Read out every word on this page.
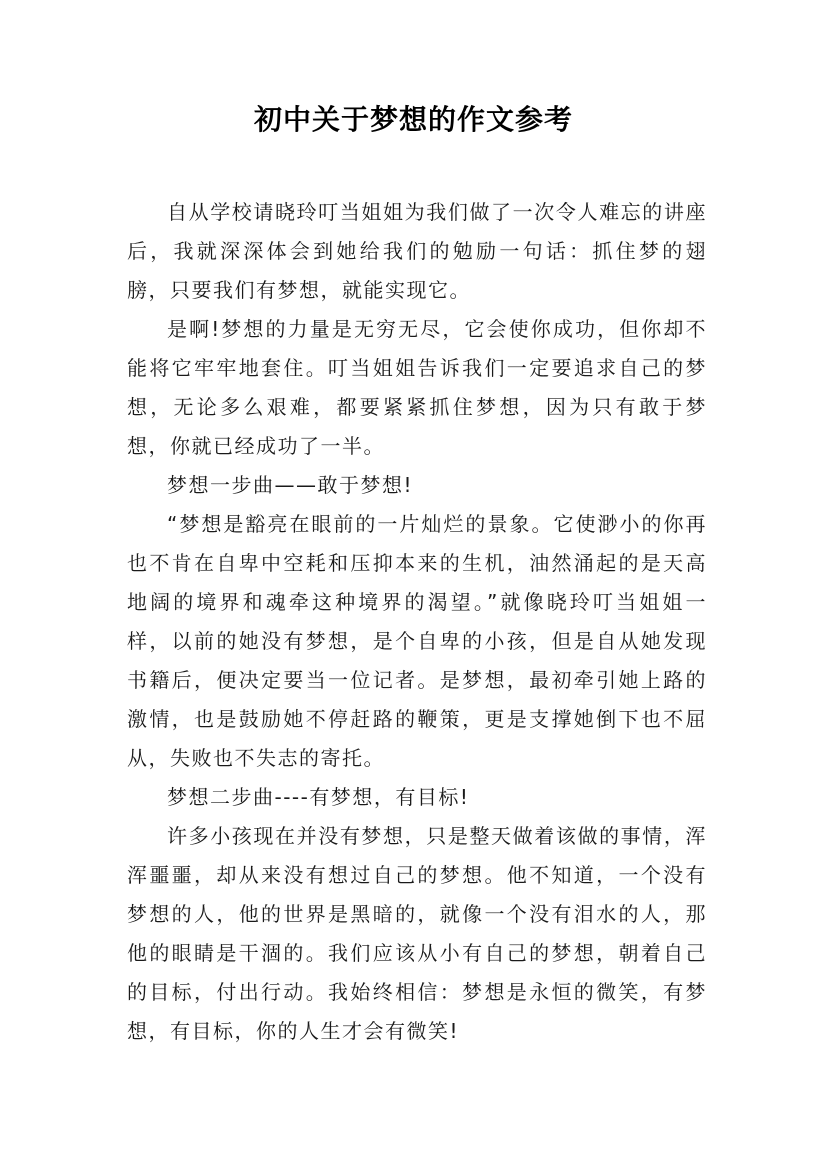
初中关于梦想的作文参考

自从学校请晓玲叮当姐姐为我们做了一次令人难忘的讲座后，我就深深体会到她给我们的勉励一句话：抓住梦的翅膀，只要我们有梦想，就能实现它。

是啊!梦想的力量是无穷无尽，它会使你成功，但你却不能将它牢牢地套住。叮当姐姐告诉我们一定要追求自己的梦想，无论多么艰难，都要紧紧抓住梦想，因为只有敢于梦想，你就已经成功了一半。

梦想一步曲——敢于梦想!

“梦想是豁亮在眼前的一片灿烂的景象。它使渺小的你再也不肯在自卑中空耗和压抑本来的生机，油然涌起的是天高地阔的境界和魂牵这种境界的渴望。”就像晓玲叮当姐姐一样，以前的她没有梦想，是个自卑的小孩，但是自从她发现书籍后，便决定要当一位记者。是梦想，最初牵引她上路的激情，也是鼓励她不停赶路的鞭策，更是支撑她倒下也不屈从，失败也不失志的寄托。

梦想二步曲----有梦想，有目标!

许多小孩现在并没有梦想，只是整天做着该做的事情，浑浑噩噩，却从来没有想过自己的梦想。他不知道，一个没有梦想的人，他的世界是黑暗的，就像一个没有泪水的人，那他的眼睛是干涸的。我们应该从小有自己的梦想，朝着自己的目标，付出行动。我始终相信：梦想是永恒的微笑，有梦想，有目标，你的人生才会有微笑!
